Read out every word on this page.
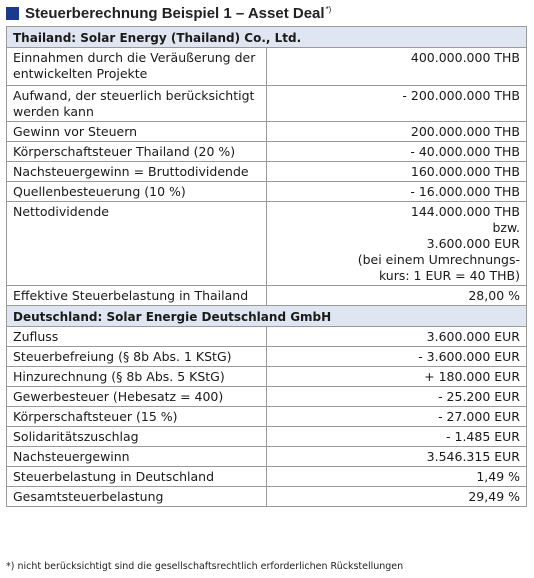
Steuerberechnung Beispiel 1 – Asset Deal*)
Thailand: Solar Energy (Thailand) Co., Ltd.	
Einnahmen durch die Veräußerung der entwickelten Projekte	400.000.000 THB
Aufwand, der steuerlich berücksichtigt werden kann	- 200.000.000 THB
Gewinn vor Steuern	200.000.000 THB
Körperschaftsteuer Thailand (20 %)	- 40.000.000 THB
Nachsteuergewinn = Bruttodividende	160.000.000 THB
Quellenbesteuerung (10 %)	- 16.000.000 THB
Nettodividende	144.000.000 THB
bzw.
3.600.000 EUR
(bei einem Umrechnungs-
kurs: 1 EUR = 40 THB)

Effektive Steuerbelastung in Thailand	28,00 %
Deutschland: Solar Energie Deutschland GmbH	
Zufluss	3.600.000 EUR
Steuerbefreiung (§ 8b Abs. 1 KStG)	- 3.600.000 EUR
Hinzurechnung (§ 8b Abs. 5 KStG)	+ 180.000 EUR
Gewerbesteuer (Hebesatz = 400)	- 25.200 EUR
Körperschaftsteuer (15 %)	- 27.000 EUR
Solidaritätszuschlag	- 1.485 EUR
Nachsteuergewinn	3.546.315 EUR
Steuerbelastung in Deutschland	1,49 %
Gesamtsteuerbelastung	29,49 %
*) nicht berücksichtigt sind die gesellschaftsrechtlich erforderlichen Rückstellungen
